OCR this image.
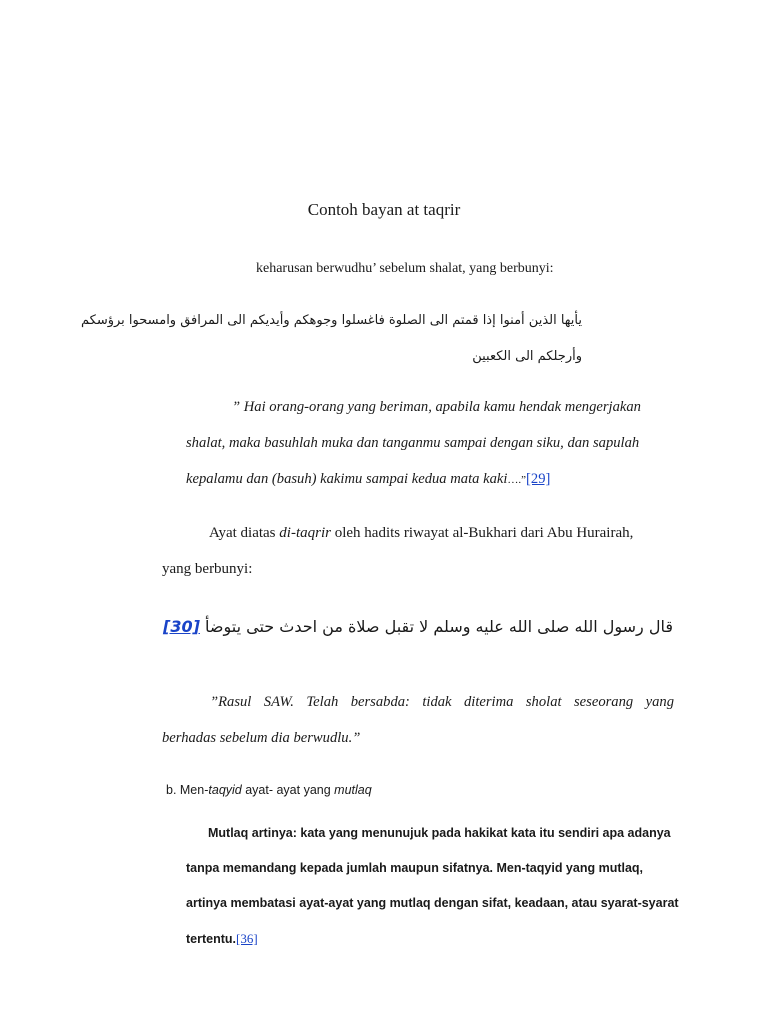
Contoh bayan at taqrir
keharusan berwudhu’ sebelum shalat, yang berbunyi:
يأيها الذين أمنوا إذا قمتم الى الصلوة فاغسلوا وجوهكم وأيديكم الى المرافق وامسحوا برؤسكم
وأرجلكم الى الكعبين
” Hai orang-orang yang beriman, apabila kamu hendak mengerjakan
shalat, maka basuhlah muka dan tanganmu sampai dengan siku, dan sapulah
kepalamu dan (basuh) kakimu sampai kedua mata kaki….”[29]
Ayat diatas di-taqrir oleh hadits riwayat al-Bukhari dari Abu Hurairah,
yang berbunyi:
قال رسول الله صلى الله عليه وسلم لا تقبل صلاة من احدث حتى يتوضأ [30]
”Rasul SAW. Telah bersabda: tidak diterima sholat seseorang yang
berhadas sebelum dia berwudlu.”
b. Men-taqyid ayat- ayat yang mutlaq
Mutlaq artinya: kata yang menunujuk pada hakikat kata itu sendiri apa adanya
tanpa memandang kepada jumlah maupun sifatnya. Men-taqyid yang mutlaq,
artinya membatasi ayat-ayat yang mutlaq dengan sifat, keadaan, atau syarat-syarat
tertentu.[36]
